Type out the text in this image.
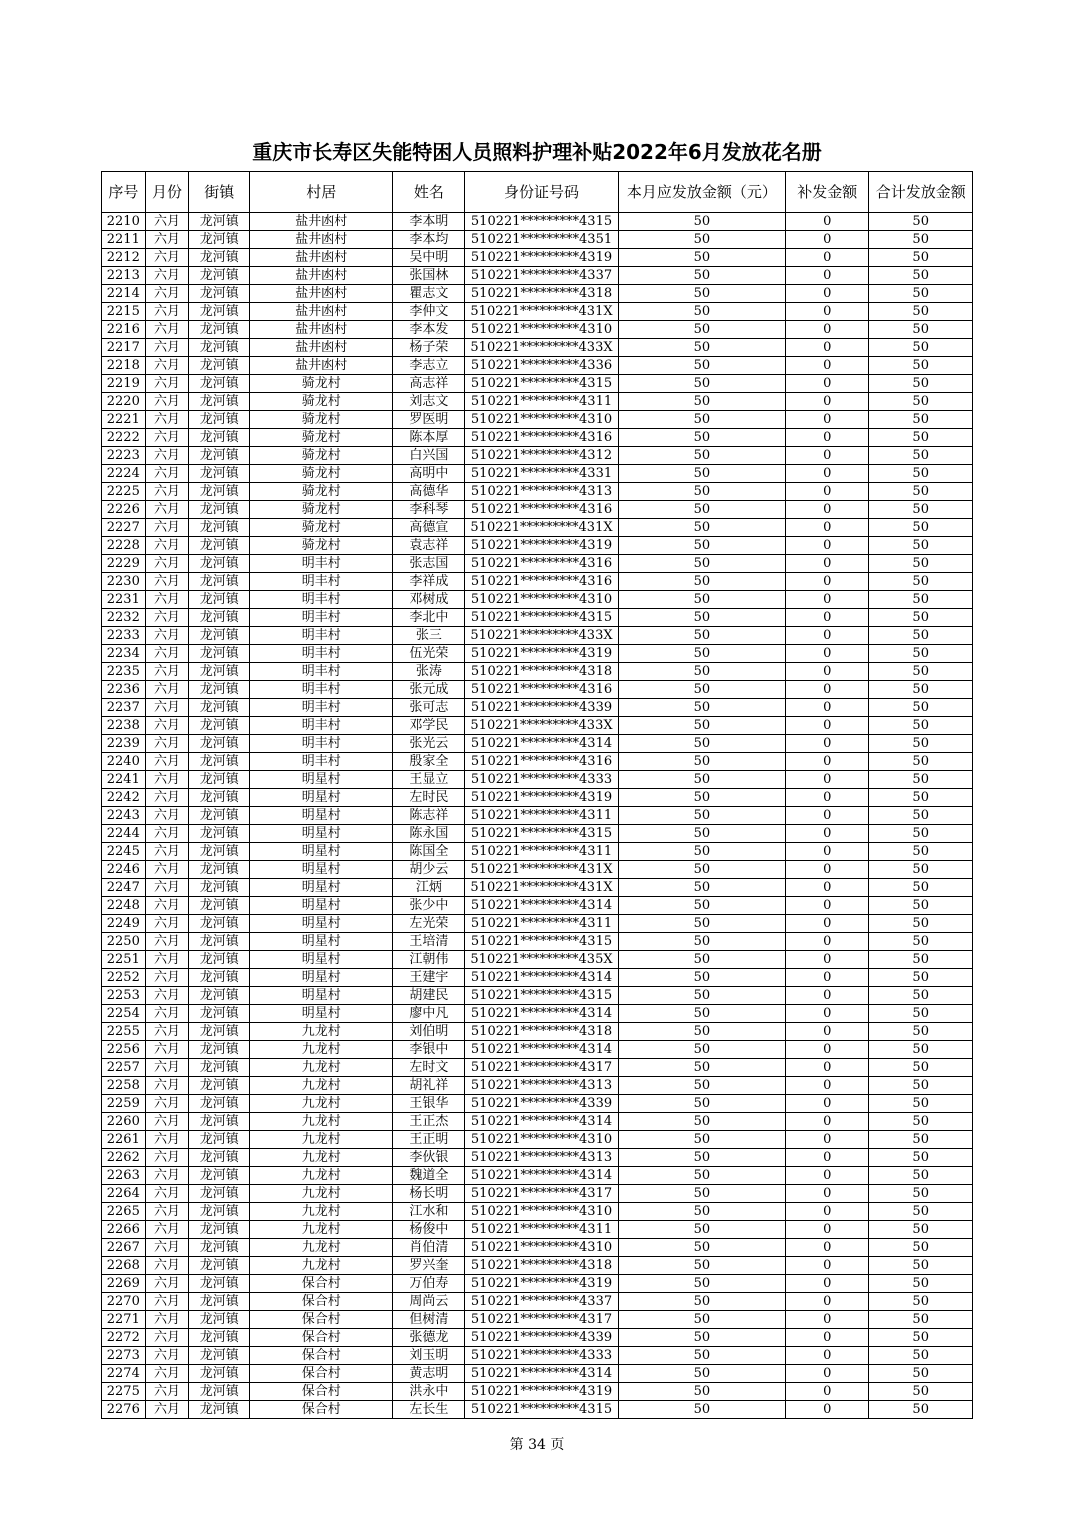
重庆市长寿区失能特困人员照料护理补贴2022年6月发放花名册
序号	月份	街镇	村居	姓名	身份证号码	本月应发放金额（元）	补发金额	合计发放金额
2210	六月	龙河镇	盐井凼村	李本明	510221*********4315	50	0	50
2211	六月	龙河镇	盐井凼村	李本均	510221*********4351	50	0	50
2212	六月	龙河镇	盐井凼村	吴中明	510221*********4319	50	0	50
2213	六月	龙河镇	盐井凼村	张国林	510221*********4337	50	0	50
2214	六月	龙河镇	盐井凼村	瞿志文	510221*********4318	50	0	50
2215	六月	龙河镇	盐井凼村	李仲文	510221*********431X	50	0	50
2216	六月	龙河镇	盐井凼村	李本发	510221*********4310	50	0	50
2217	六月	龙河镇	盐井凼村	杨子荣	510221*********433X	50	0	50
2218	六月	龙河镇	盐井凼村	李志立	510221*********4336	50	0	50
2219	六月	龙河镇	骑龙村	高志祥	510221*********4315	50	0	50
2220	六月	龙河镇	骑龙村	刘志文	510221*********4311	50	0	50
2221	六月	龙河镇	骑龙村	罗医明	510221*********4310	50	0	50
2222	六月	龙河镇	骑龙村	陈本厚	510221*********4316	50	0	50
2223	六月	龙河镇	骑龙村	白兴国	510221*********4312	50	0	50
2224	六月	龙河镇	骑龙村	高明中	510221*********4331	50	0	50
2225	六月	龙河镇	骑龙村	高德华	510221*********4313	50	0	50
2226	六月	龙河镇	骑龙村	李科琴	510221*********4316	50	0	50
2227	六月	龙河镇	骑龙村	高德宣	510221*********431X	50	0	50
2228	六月	龙河镇	骑龙村	袁志祥	510221*********4319	50	0	50
2229	六月	龙河镇	明丰村	张志国	510221*********4316	50	0	50
2230	六月	龙河镇	明丰村	李祥成	510221*********4316	50	0	50
2231	六月	龙河镇	明丰村	邓树成	510221*********4310	50	0	50
2232	六月	龙河镇	明丰村	李北中	510221*********4315	50	0	50
2233	六月	龙河镇	明丰村	张三	510221*********433X	50	0	50
2234	六月	龙河镇	明丰村	伍光荣	510221*********4319	50	0	50
2235	六月	龙河镇	明丰村	张涛	510221*********4318	50	0	50
2236	六月	龙河镇	明丰村	张元成	510221*********4316	50	0	50
2237	六月	龙河镇	明丰村	张可志	510221*********4339	50	0	50
2238	六月	龙河镇	明丰村	邓学民	510221*********433X	50	0	50
2239	六月	龙河镇	明丰村	张光云	510221*********4314	50	0	50
2240	六月	龙河镇	明丰村	殷家全	510221*********4316	50	0	50
2241	六月	龙河镇	明星村	王显立	510221*********4333	50	0	50
2242	六月	龙河镇	明星村	左时民	510221*********4319	50	0	50
2243	六月	龙河镇	明星村	陈志祥	510221*********4311	50	0	50
2244	六月	龙河镇	明星村	陈永国	510221*********4315	50	0	50
2245	六月	龙河镇	明星村	陈国全	510221*********4311	50	0	50
2246	六月	龙河镇	明星村	胡少云	510221*********431X	50	0	50
2247	六月	龙河镇	明星村	江炳	510221*********431X	50	0	50
2248	六月	龙河镇	明星村	张少中	510221*********4314	50	0	50
2249	六月	龙河镇	明星村	左光荣	510221*********4311	50	0	50
2250	六月	龙河镇	明星村	王培清	510221*********4315	50	0	50
2251	六月	龙河镇	明星村	江朝伟	510221*********435X	50	0	50
2252	六月	龙河镇	明星村	王建宇	510221*********4314	50	0	50
2253	六月	龙河镇	明星村	胡建民	510221*********4315	50	0	50
2254	六月	龙河镇	明星村	廖中凡	510221*********4314	50	0	50
2255	六月	龙河镇	九龙村	刘伯明	510221*********4318	50	0	50
2256	六月	龙河镇	九龙村	李银中	510221*********4314	50	0	50
2257	六月	龙河镇	九龙村	左时文	510221*********4317	50	0	50
2258	六月	龙河镇	九龙村	胡礼祥	510221*********4313	50	0	50
2259	六月	龙河镇	九龙村	王银华	510221*********4339	50	0	50
2260	六月	龙河镇	九龙村	王正杰	510221*********4314	50	0	50
2261	六月	龙河镇	九龙村	王正明	510221*********4310	50	0	50
2262	六月	龙河镇	九龙村	李伙银	510221*********4313	50	0	50
2263	六月	龙河镇	九龙村	魏道全	510221*********4314	50	0	50
2264	六月	龙河镇	九龙村	杨长明	510221*********4317	50	0	50
2265	六月	龙河镇	九龙村	江水和	510221*********4310	50	0	50
2266	六月	龙河镇	九龙村	杨俊中	510221*********4311	50	0	50
2267	六月	龙河镇	九龙村	肖伯清	510221*********4310	50	0	50
2268	六月	龙河镇	九龙村	罗兴奎	510221*********4318	50	0	50
2269	六月	龙河镇	保合村	万伯寿	510221*********4319	50	0	50
2270	六月	龙河镇	保合村	周尚云	510221*********4337	50	0	50
2271	六月	龙河镇	保合村	但树清	510221*********4317	50	0	50
2272	六月	龙河镇	保合村	张德龙	510221*********4339	50	0	50
2273	六月	龙河镇	保合村	刘玉明	510221*********4333	50	0	50
2274	六月	龙河镇	保合村	黄志明	510221*********4314	50	0	50
2275	六月	龙河镇	保合村	洪永中	510221*********4319	50	0	50
2276	六月	龙河镇	保合村	左长生	510221*********4315	50	0	50
第 34 页
